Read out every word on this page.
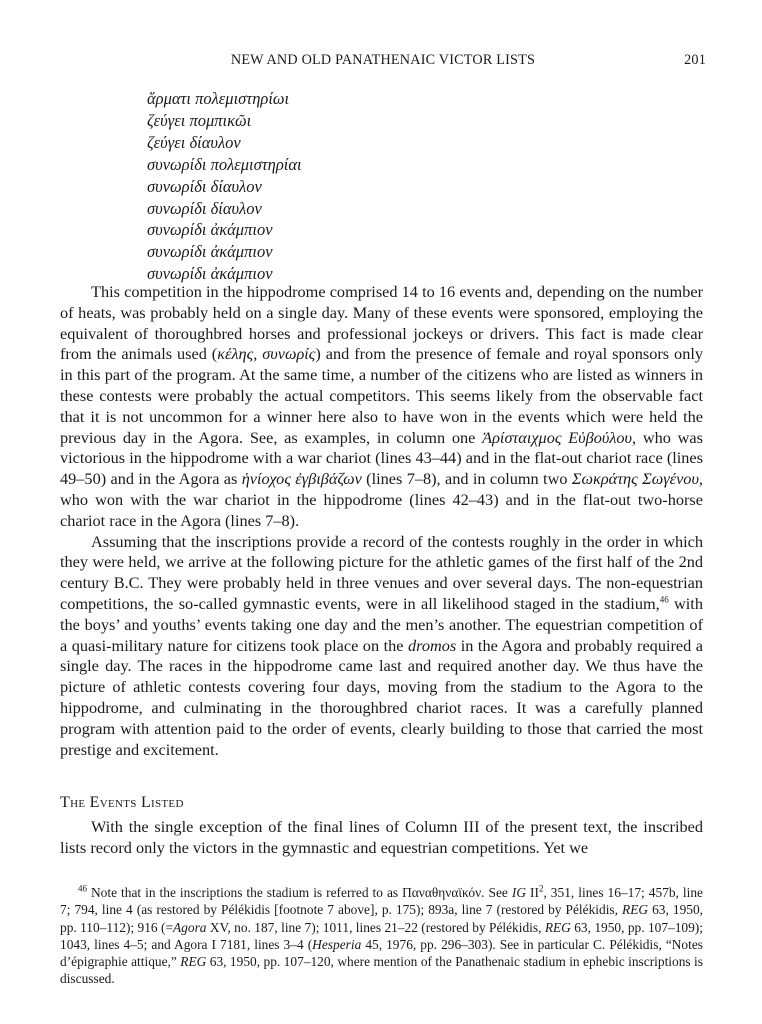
NEW AND OLD PANATHENAIC VICTOR LISTS	201
ἅρματι πολεμιστηρίωι
ζεύγει πομπικῶι
ζεύγει δίαυλον
συνωρίδι πολεμιστηρίαι
συνωρίδι δίαυλον
συνωρίδι δίαυλον
συνωρίδι ἀκάμπιον
συνωρίδι ἀκάμπιον
συνωρίδι ἀκάμπιον

This competition in the hippodrome comprised 14 to 16 events and, depending on the number of heats, was probably held on a single day. Many of these events were sponsored, employing the equivalent of thoroughbred horses and professional jockeys or drivers. This fact is made clear from the animals used (κέλης, συνωρίς) and from the presence of female and royal sponsors only in this part of the program. At the same time, a number of the citizens who are listed as winners in these contests were probably the actual competitors. This seems likely from the observable fact that it is not uncommon for a winner here also to have won in the events which were held the previous day in the Agora. See, as examples, in column one Ἀρίσταιχμος Εὐβούλου, who was victorious in the hippodrome with a war chariot (lines 43–44) and in the flat-out chariot race (lines 49–50) and in the Agora as ἡνίοχος ἐγβιβάζων (lines 7–8), and in column two Σωκράτης Σωγένου, who won with the war chariot in the hippodrome (lines 42–43) and in the flat-out two-horse chariot race in the Agora (lines 7–8).

Assuming that the inscriptions provide a record of the contests roughly in the order in which they were held, we arrive at the following picture for the athletic games of the first half of the 2nd century B.C. They were probably held in three venues and over several days. The non-equestrian competitions, the so-called gymnastic events, were in all likelihood staged in the stadium,$^{46}$ with the boys’ and youths’ events taking one day and the men’s another. The equestrian competition of a quasi-military nature for citizens took place on the dromos in the Agora and probably required a single day. The races in the hippodrome came last and required another day. We thus have the picture of athletic contests covering four days, moving from the stadium to the Agora to the hippodrome, and culminating in the thoroughbred chariot races. It was a carefully planned program with attention paid to the order of events, clearly building to those that carried the most prestige and excitement.

The Events Listed

With the single exception of the final lines of Column III of the present text, the inscribed lists record only the victors in the gymnastic and equestrian competitions. Yet we

$^{46}$ Note that in the inscriptions the stadium is referred to as Παναθηναϊκόν. See IG $II^2$, 351, lines 16–17; 457b, line 7; 794, line 4 (as restored by Pélékidis [footnote 7 above], p. 175); 893a, line 7 (restored by Pélékidis, REG 63, 1950, pp. 110–112); 916 (=Agora XV, no. 187, line 7); 1011, lines 21–22 (restored by Pélékidis, REG 63, 1950, pp. 107–109); 1043, lines 4–5; and Agora I 7181, lines 3–4 (Hesperia 45, 1976, pp. 296–303). See in particular C. Pélékidis, “Notes d’épigraphie attique,” REG 63, 1950, pp. 107–120, where mention of the Panathenaic stadium in ephebic inscriptions is discussed.
